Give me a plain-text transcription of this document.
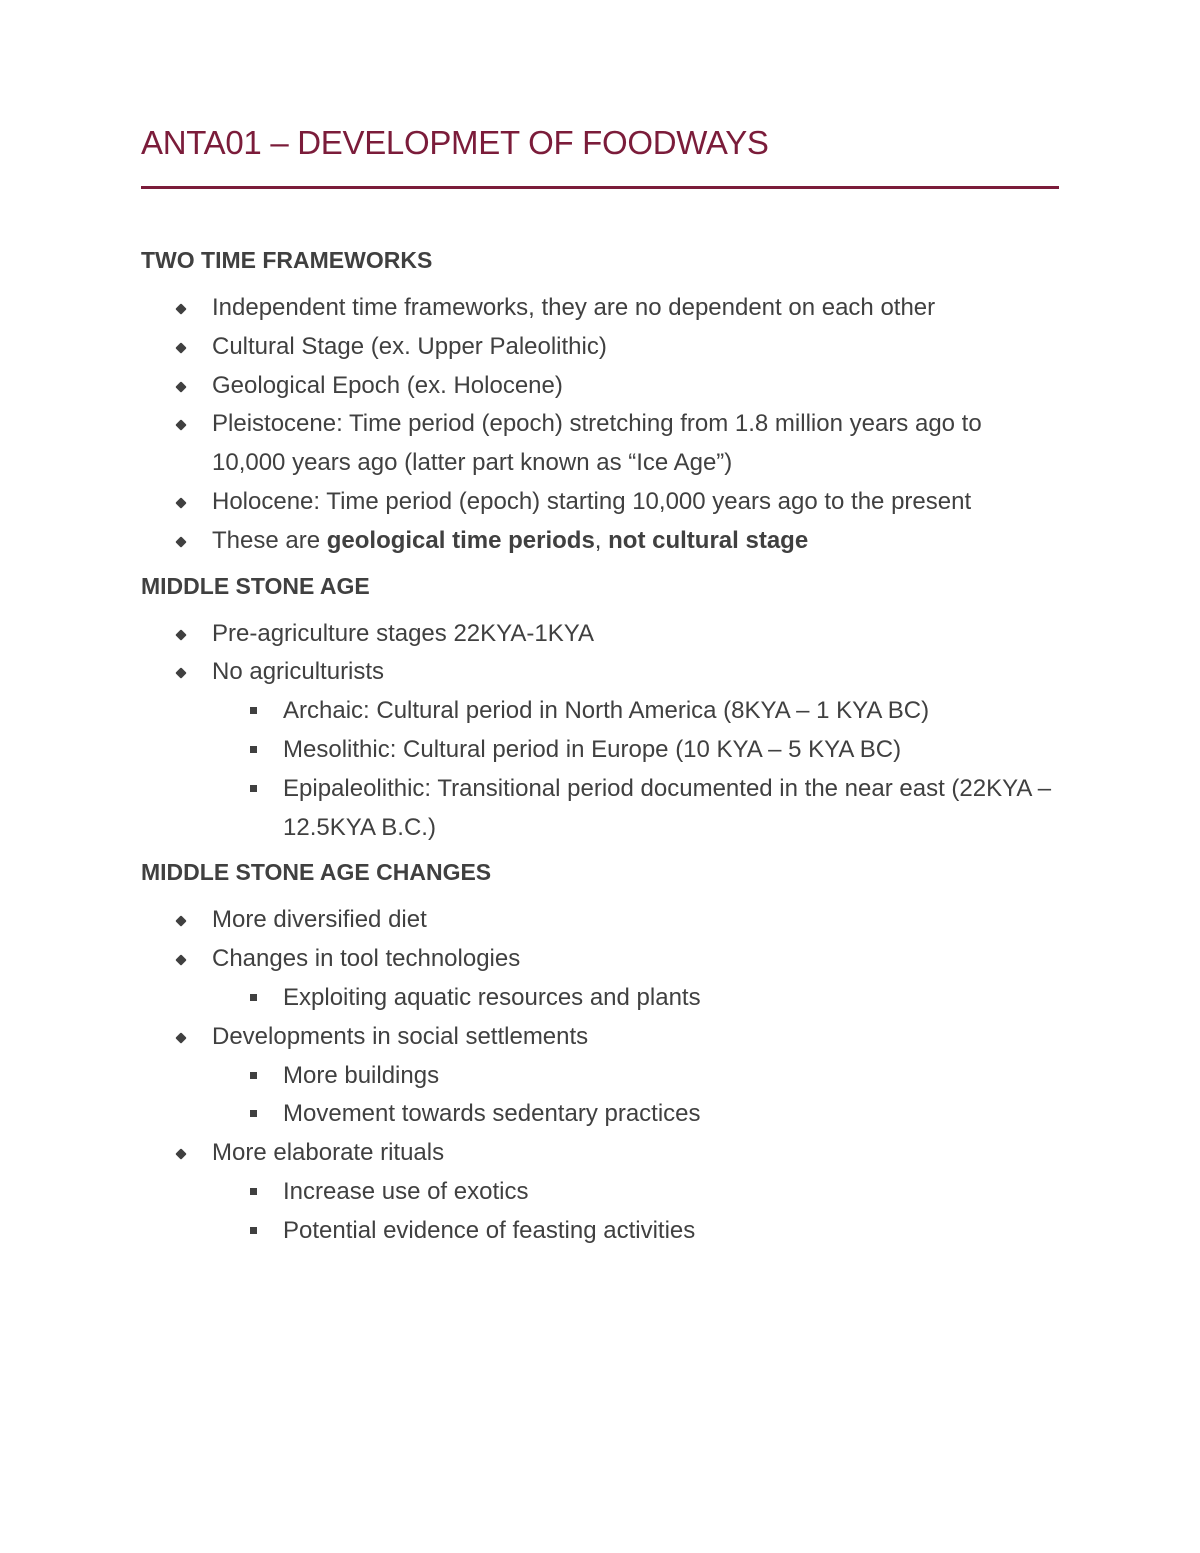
ANTA01 – DEVELOPMET OF FOODWAYS
TWO TIME FRAMEWORKS
Independent time frameworks, they are no dependent on each other
Cultural Stage (ex. Upper Paleolithic)
Geological Epoch (ex. Holocene)
Pleistocene: Time period (epoch) stretching from 1.8 million years ago to 10,000 years ago (latter part known as “Ice Age”)
Holocene: Time period (epoch) starting 10,000 years ago to the present
These are geological time periods, not cultural stage
MIDDLE STONE AGE
Pre-agriculture stages 22KYA-1KYA
No agriculturists
Archaic: Cultural period in North America (8KYA – 1 KYA BC)
Mesolithic: Cultural period in Europe (10 KYA – 5 KYA BC)
Epipaleolithic: Transitional period documented in the near east (22KYA – 12.5KYA B.C.)
MIDDLE STONE AGE CHANGES
More diversified diet
Changes in tool technologies
Exploiting aquatic resources and plants
Developments in social settlements
More buildings
Movement towards sedentary practices
More elaborate rituals
Increase use of exotics
Potential evidence of feasting activities
